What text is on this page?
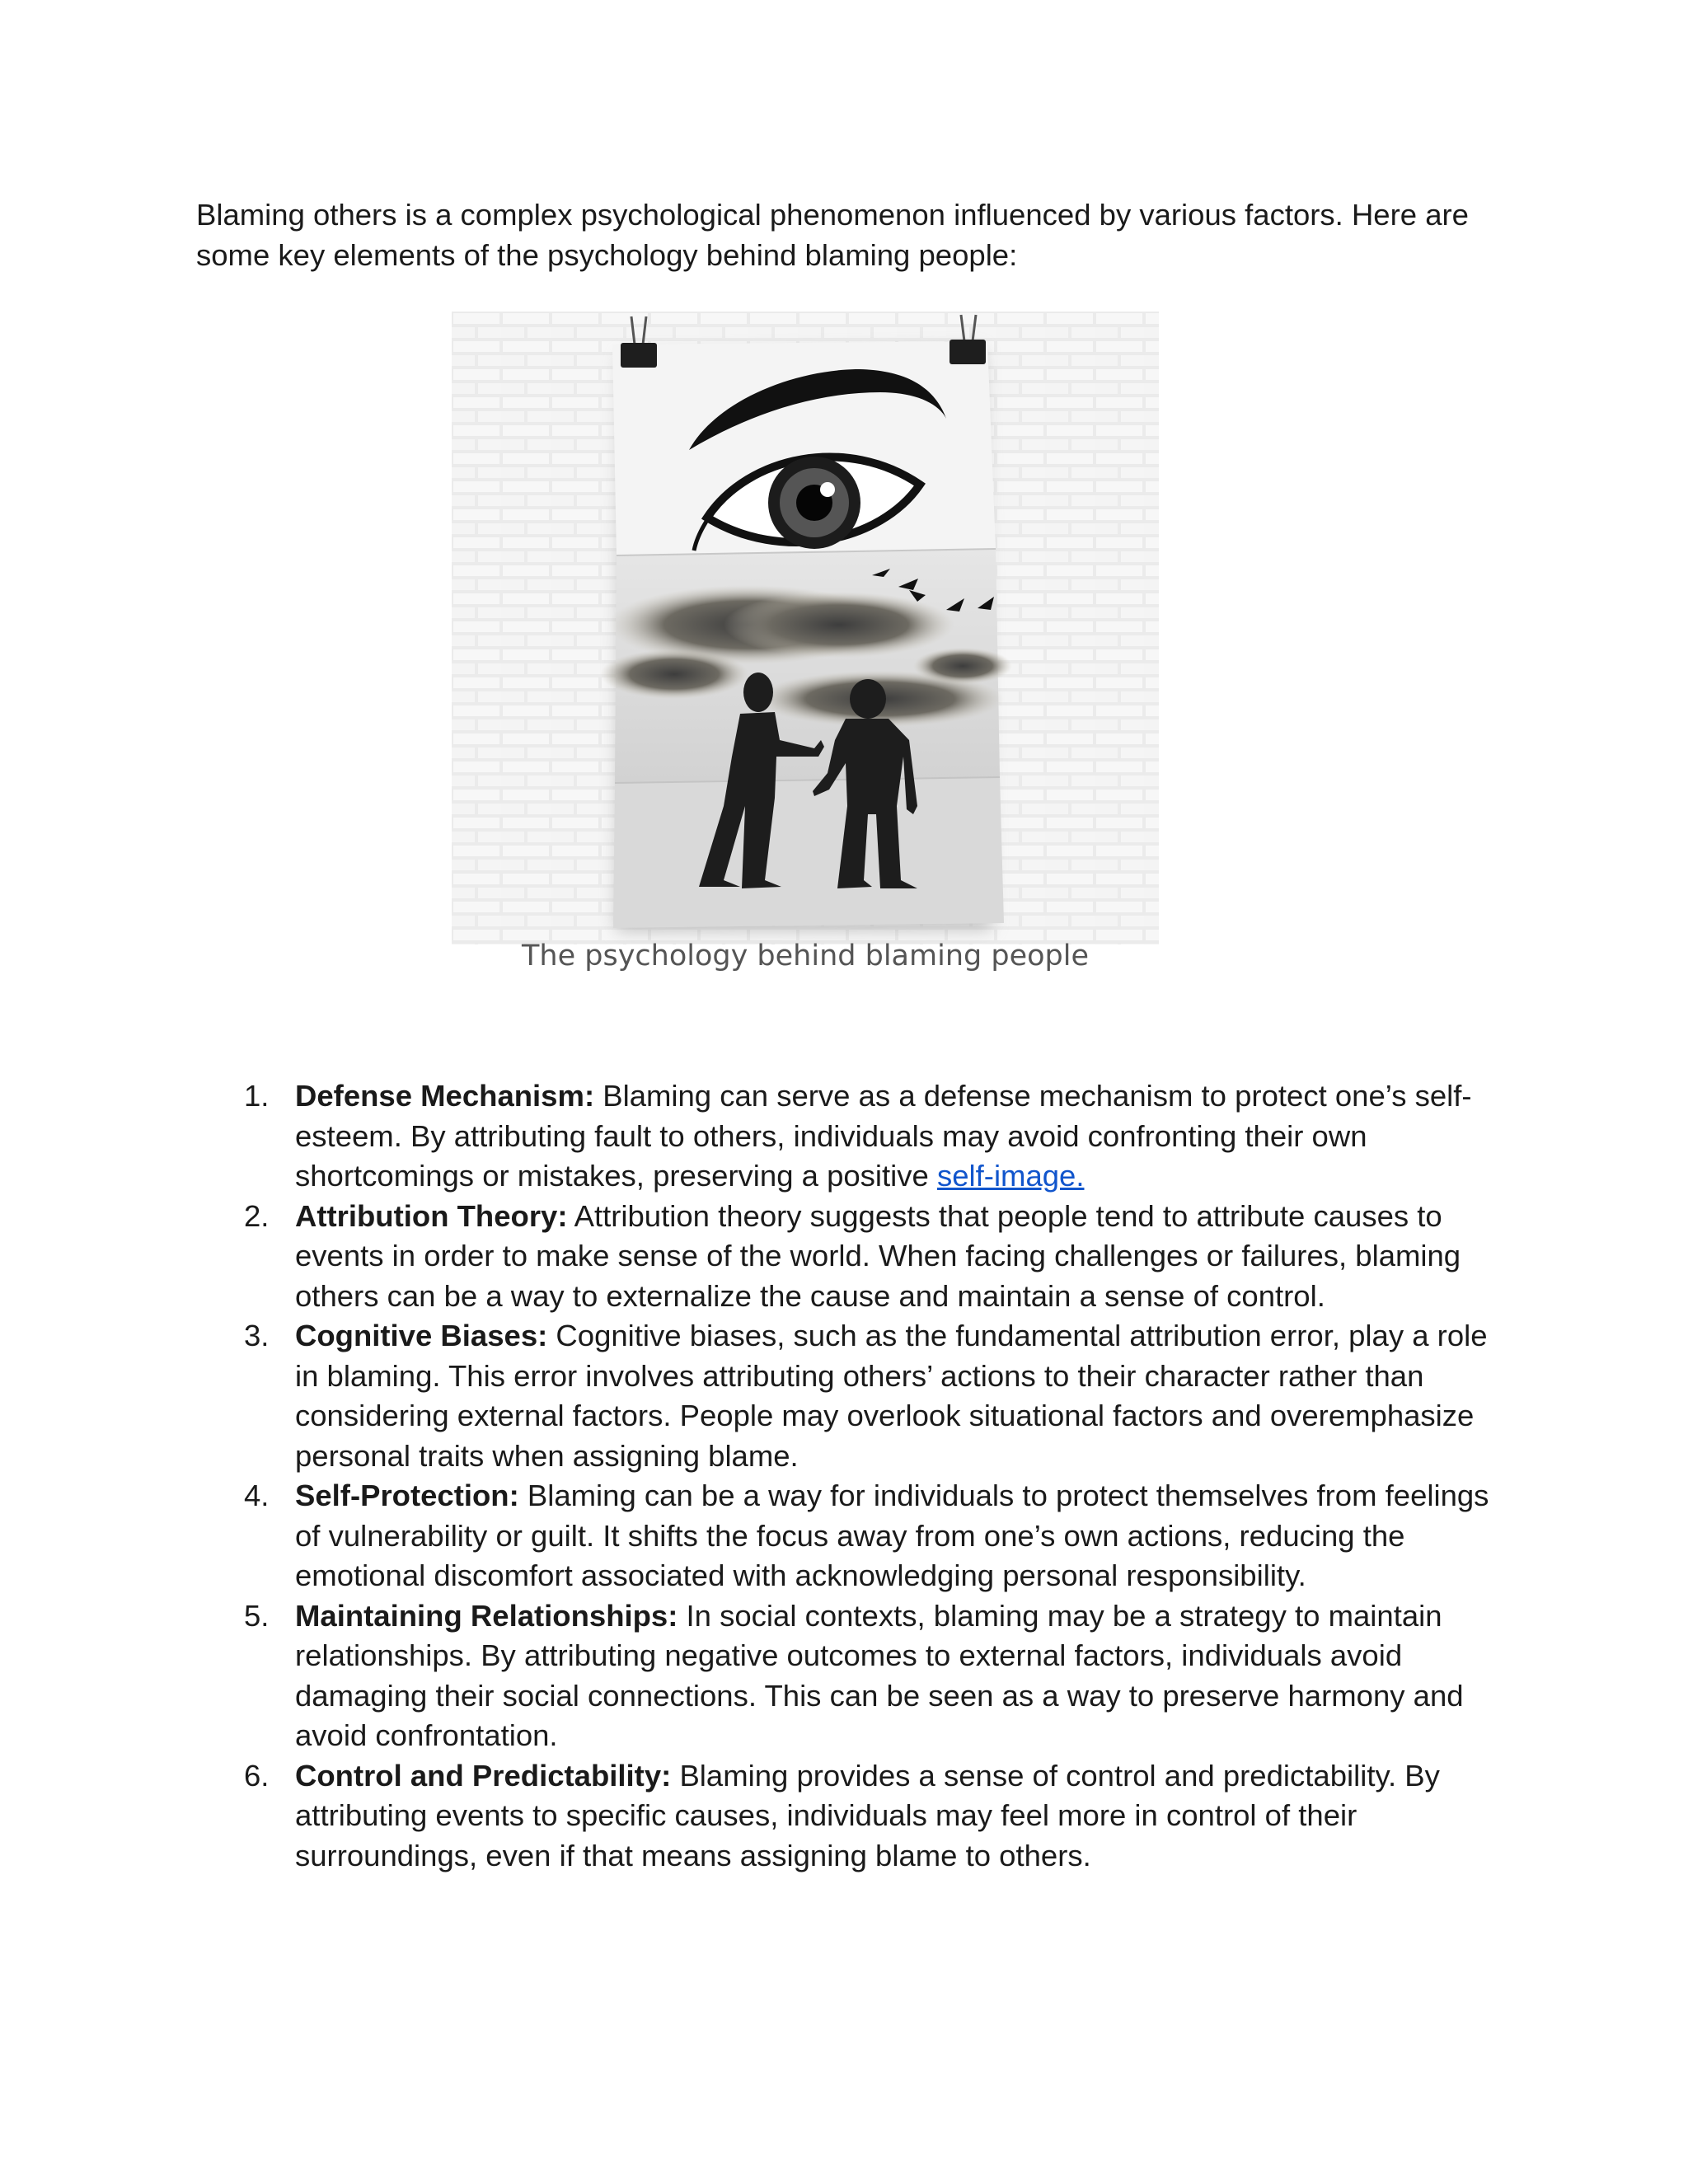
Blaming others is a complex psychological phenomenon influenced by various factors. Here are some key elements of the psychology behind blaming people:

The psychology behind blaming people
1. Defense Mechanism: Blaming can serve as a defense mechanism to protect one’s self-esteem. By attributing fault to others, individuals may avoid confronting their own shortcomings or mistakes, preserving a positive self-image.
2. Attribution Theory: Attribution theory suggests that people tend to attribute causes to events in order to make sense of the world. When facing challenges or failures, blaming others can be a way to externalize the cause and maintain a sense of control.
3. Cognitive Biases: Cognitive biases, such as the fundamental attribution error, play a role in blaming. This error involves attributing others’ actions to their character rather than considering external factors. People may overlook situational factors and overemphasize personal traits when assigning blame.
4. Self-Protection: Blaming can be a way for individuals to protect themselves from feelings of vulnerability or guilt. It shifts the focus away from one’s own actions, reducing the emotional discomfort associated with acknowledging personal responsibility.
5. Maintaining Relationships: In social contexts, blaming may be a strategy to maintain relationships. By attributing negative outcomes to external factors, individuals avoid damaging their social connections. This can be seen as a way to preserve harmony and avoid confrontation.
6. Control and Predictability: Blaming provides a sense of control and predictability. By attributing events to specific causes, individuals may feel more in control of their surroundings, even if that means assigning blame to others.
